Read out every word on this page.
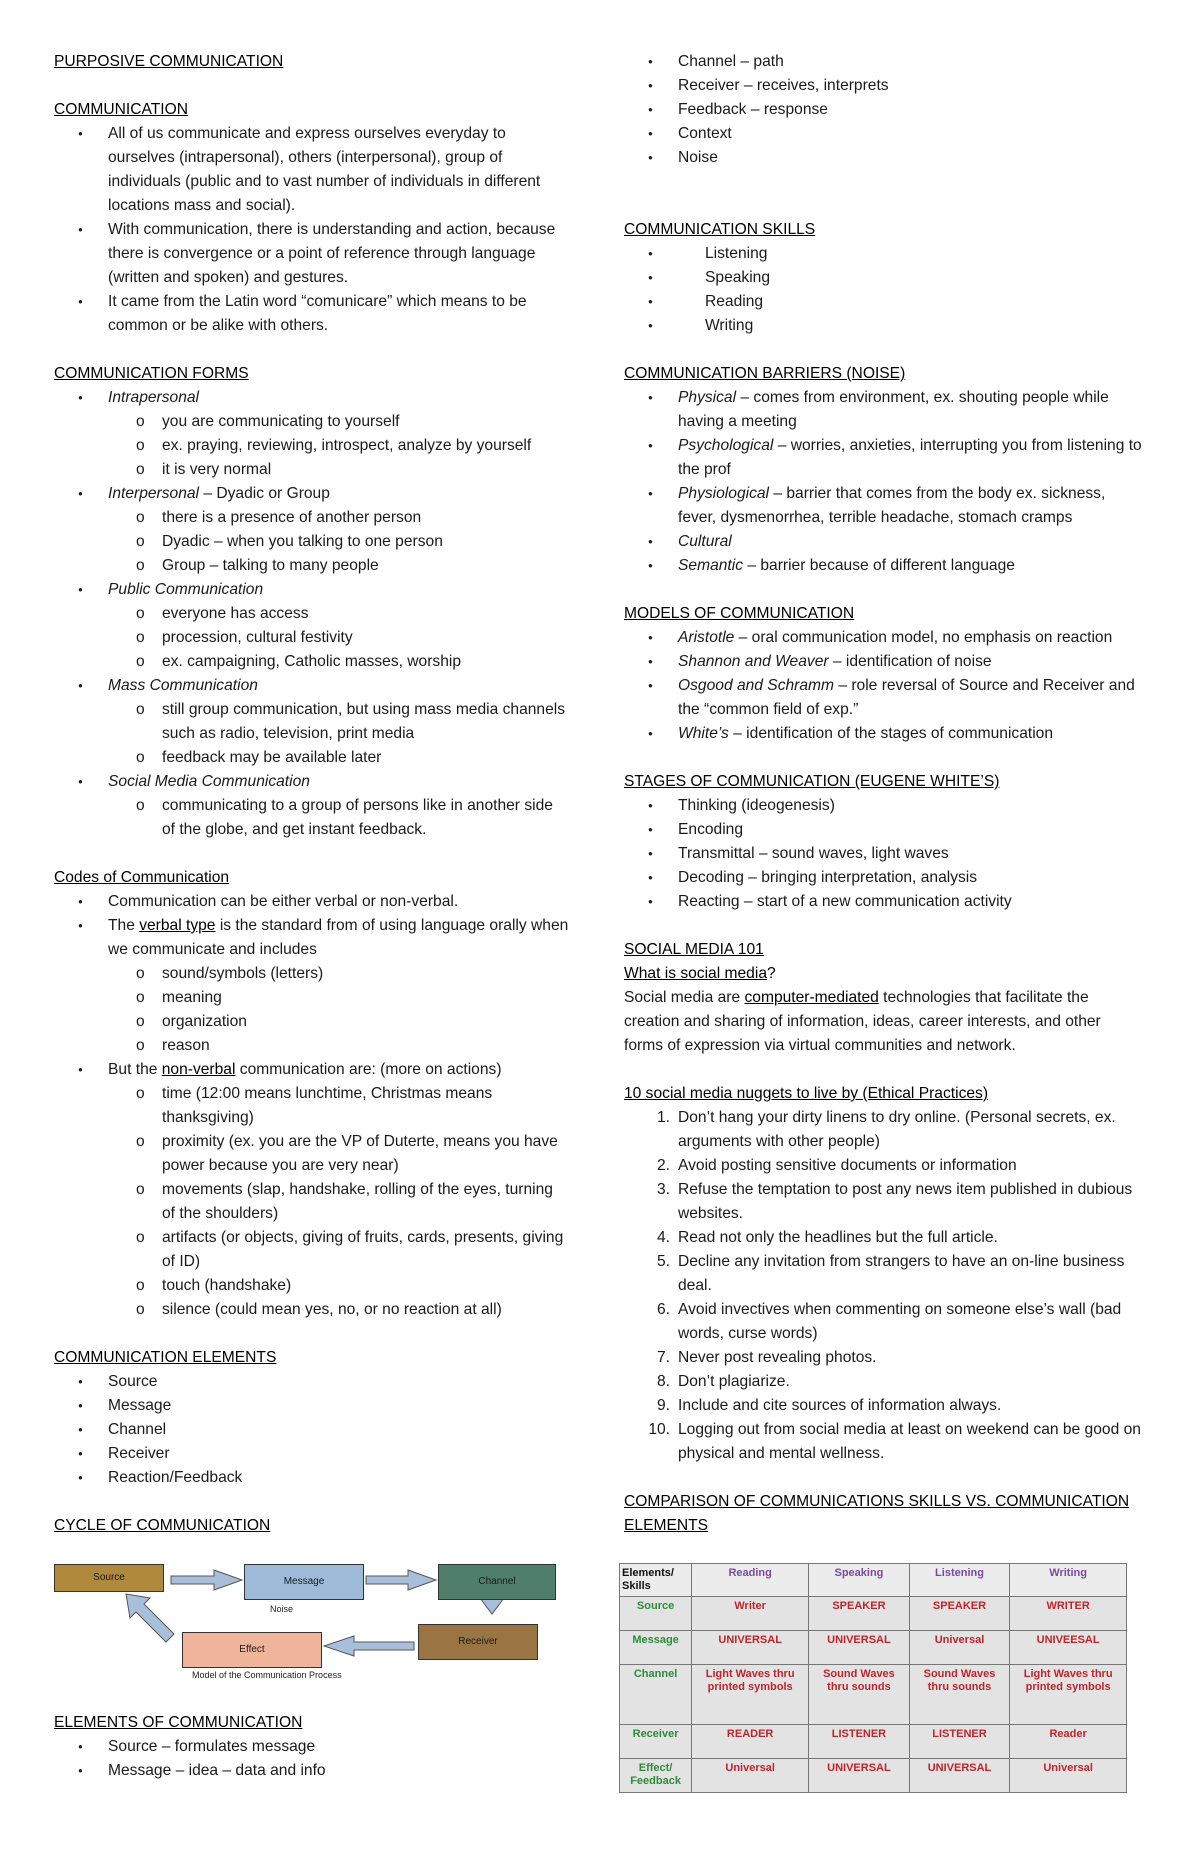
PURPOSIVE COMMUNICATION

COMMUNICATION

● All of us communicate and express ourselves everyday to ourselves (intrapersonal), others (interpersonal), group of individuals (public and to vast number of individuals in different locations mass and social).
● With communication, there is understanding and action, because there is convergence or a point of reference through language (written and spoken) and gestures.
● It came from the Latin word “comunicare” which means to be common or be alike with others.

COMMUNICATION FORMS

● Intrapersonal
o you are communicating to yourself
o ex. praying, reviewing, introspect, analyze by yourself
o it is very normal
● Interpersonal – Dyadic or Group
o there is a presence of another person
o Dyadic – when you talking to one person
o Group – talking to many people
● Public Communication
o everyone has access
o procession, cultural festivity
o ex. campaigning, Catholic masses, worship
● Mass Communication
o still group communication, but using mass media channels such as radio, television, print media
o feedback may be available later
● Social Media Communication
o communicating to a group of persons like in another side of the globe, and get instant feedback.

Codes of Communication

● Communication can be either verbal or non-verbal.
● The verbal type is the standard from of using language orally when we communicate and includes
o sound/symbols (letters)
o meaning
o organization
o reason
● But the non-verbal communication are: (more on actions)
o time (12:00 means lunchtime, Christmas means thanksgiving)
o proximity (ex. you are the VP of Duterte, means you have power because you are very near)
o movements (slap, handshake, rolling of the eyes, turning of the shoulders)
o artifacts (or objects, giving of fruits, cards, presents, giving of ID)
o touch (handshake)
o silence (could mean yes, no, or no reaction at all)

COMMUNICATION ELEMENTS

● Source
● Message
● Channel
● Receiver
● Reaction/Feedback

CYCLE OF COMMUNICATION

Source	Message	Channel
Noise
Effect
Receiver
Model of the Communication Process

ELEMENTS OF COMMUNICATION

● Source – formulates message
● Message – idea – data and info
● Channel – path
● Receiver – receives, interprets
● Feedback – response
● Context
● Noise

COMMUNICATION SKILLS

● Listening
● Speaking
● Reading
● Writing

COMMUNICATION BARRIERS (NOISE)

● Physical – comes from environment, ex. shouting people while having a meeting
● Psychological – worries, anxieties, interrupting you from listening to the prof
● Physiological – barrier that comes from the body ex. sickness, fever, dysmenorrhea, terrible headache, stomach cramps
● Cultural
● Semantic – barrier because of different language

MODELS OF COMMUNICATION

● Aristotle – oral communication model, no emphasis on reaction
● Shannon and Weaver – identification of noise
● Osgood and Schramm – role reversal of Source and Receiver and the “common field of exp.”
● White’s – identification of the stages of communication

STAGES OF COMMUNICATION (EUGENE WHITE’S)

● Thinking (ideogenesis)
● Encoding
● Transmittal – sound waves, light waves
● Decoding – bringing interpretation, analysis
● Reacting – start of a new communication activity

SOCIAL MEDIA 101

What is social media?

Social media are computer-mediated technologies that facilitate the creation and sharing of information, ideas, career interests, and other forms of expression via virtual communities and network.

10 social media nuggets to live by (Ethical Practices)

1. Don’t hang your dirty linens to dry online. (Personal secrets, ex. arguments with other people)
2. Avoid posting sensitive documents or information
3. Refuse the temptation to post any news item published in dubious websites.
4. Read not only the headlines but the full article.
5. Decline any invitation from strangers to have an on-line business deal.
6. Avoid invectives when commenting on someone else’s wall (bad words, curse words)
7. Never post revealing photos.
8. Don’t plagiarize.
9. Include and cite sources of information always.
10. Logging out from social media at least on weekend can be good on physical and mental wellness.

COMPARISON OF COMMUNICATIONS SKILLS VS. COMMUNICATION ELEMENTS

Elements/ Skills	Reading	Speaking	Listening	Writing
Source	Writer	SPEAKER	SPEAKER	WRITER
Message	UNIVERSAL	UNIVERSAL	Universal	UNIVEESAL
Channel	Light Waves thru printed symbols	Sound Waves thru sounds	Sound Waves thru sounds	Light Waves thru printed symbols
Receiver	READER	LISTENER	LISTENER	Reader
Effect/ Feedback	Universal	UNIVERSAL	UNIVERSAL	Universal
